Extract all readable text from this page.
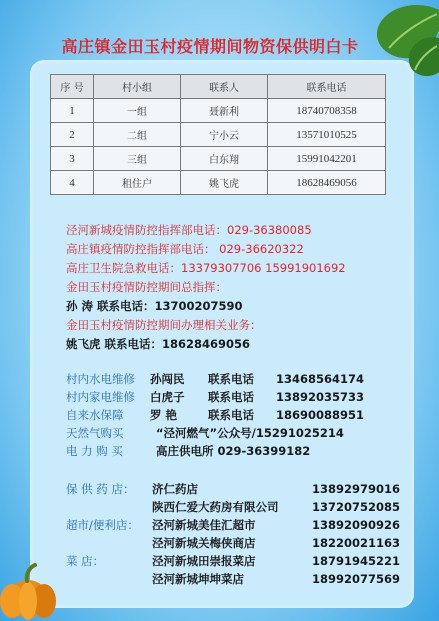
高庄镇金田玉村疫情期间物资保供明白卡
序 号	村小组	联系人	联系电话
1	一组	聂新利	18740708358
2	二组	宁小云	13571010525
3	三组	白东翔	15991042201
4	租住户	姚飞虎	18628469056
泾河新城疫情防控指挥部电话：029-36380085
高庄镇疫情防控指挥部电话： 029-36620322
高庄卫生院急救电话：13379307706 15991901692
金田玉村疫情防控期间总指挥：
孙 涛 联系电话：13700207590
金田玉村疫情防控期间办理相关业务：
姚飞虎 联系电话：18628469056
村内水电维修 孙闯民 联系电话 13468564174
村内家电维修 白虎子 联系电话 13892035733
自来水保障 罗 艳	联系电话 18690088951
天然气购买	“泾河燃气”公众号/15291025214
电 力 购 买	高庄供电所 029-36399182
保 供 药 店： 济仁药店	13892979016
陕西仁爱大药房有限公司	13720752085
超市/便利店： 泾河新城美佳汇超市	13892090926
泾河新城关梅侠商店	18220021163
菜 店：	泾河新城田崇报菜店	18791945221
泾河新城坤坤菜店	18992077569
